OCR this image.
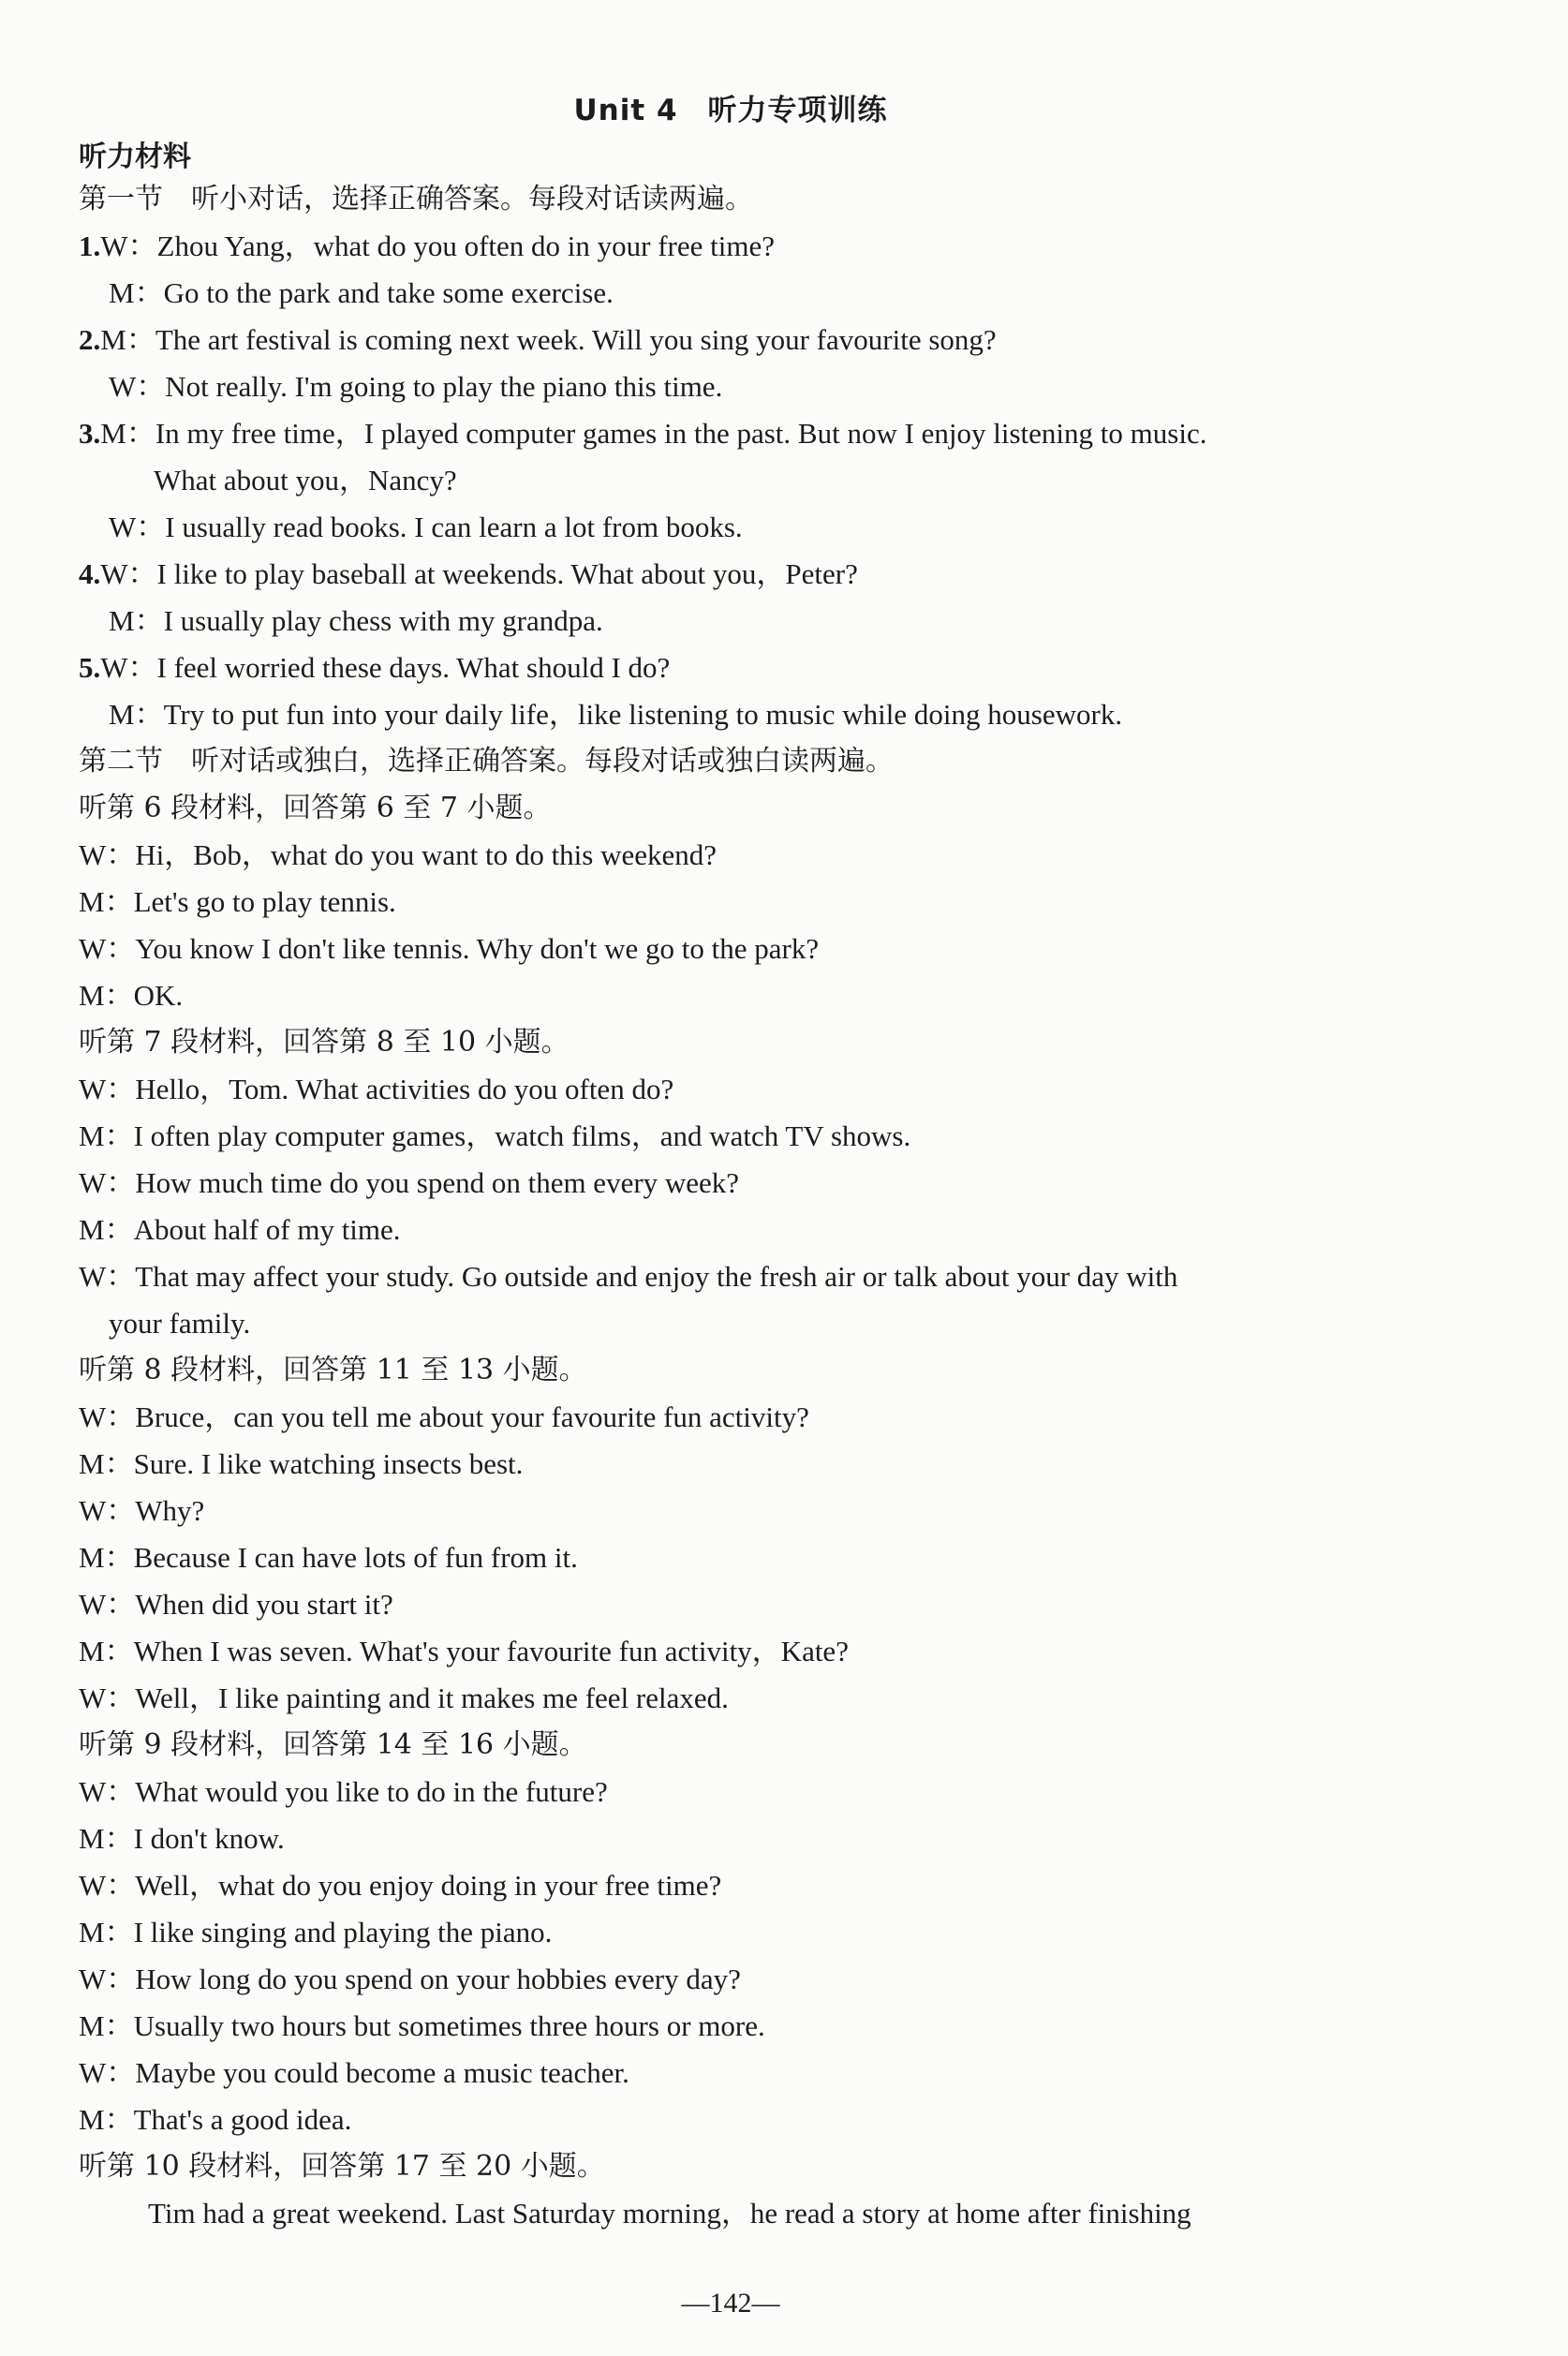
Unit 4　听力专项训练
听力材料
第一节　听小对话，选择正确答案。每段对话读两遍。
1.W：Zhou Yang，what do you often do in your free time?
M：Go to the park and take some exercise.
2.M：The art festival is coming next week. Will you sing your favourite song?
W：Not really. I'm going to play the piano this time.
3.M：In my free time，I played computer games in the past. But now I enjoy listening to music.
What about you，Nancy?
W：I usually read books. I can learn a lot from books.
4.W：I like to play baseball at weekends. What about you，Peter?
M：I usually play chess with my grandpa.
5.W：I feel worried these days. What should I do?
M：Try to put fun into your daily life，like listening to music while doing housework.
第二节　听对话或独白，选择正确答案。每段对话或独白读两遍。
听第 6 段材料，回答第 6 至 7 小题。
W：Hi，Bob，what do you want to do this weekend?
M：Let's go to play tennis.
W：You know I don't like tennis. Why don't we go to the park?
M：OK.
听第 7 段材料，回答第 8 至 10 小题。
W：Hello，Tom. What activities do you often do?
M：I often play computer games，watch films，and watch TV shows.
W：How much time do you spend on them every week?
M：About half of my time.
W：That may affect your study. Go outside and enjoy the fresh air or talk about your day with
your family.
听第 8 段材料，回答第 11 至 13 小题。
W：Bruce，can you tell me about your favourite fun activity?
M：Sure. I like watching insects best.
W：Why?
M：Because I can have lots of fun from it.
W：When did you start it?
M：When I was seven. What's your favourite fun activity，Kate?
W：Well，I like painting and it makes me feel relaxed.
听第 9 段材料，回答第 14 至 16 小题。
W：What would you like to do in the future?
M：I don't know.
W：Well，what do you enjoy doing in your free time?
M：I like singing and playing the piano.
W：How long do you spend on your hobbies every day?
M：Usually two hours but sometimes three hours or more.
W：Maybe you could become a music teacher.
M：That's a good idea.
听第 10 段材料，回答第 17 至 20 小题。
Tim had a great weekend. Last Saturday morning，he read a story at home after finishing
—142—
